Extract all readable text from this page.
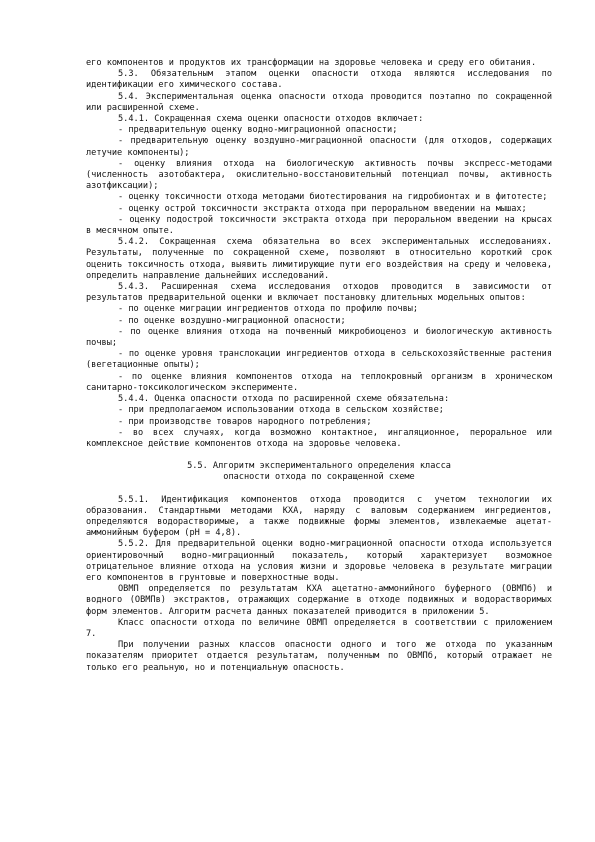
его компонентов и продуктов их трансформации на здоровье человека и среду его обитания.

5.3. Обязательным этапом оценки опасности отхода являются исследования по идентификации его химического состава.

5.4. Экспериментальная оценка опасности отхода проводится поэтапно по сокращенной или расширенной схеме.

5.4.1. Сокращенная схема оценки опасности отходов включает:

- предварительную оценку водно-миграционной опасности;

- предварительную оценку воздушно-миграционной опасности (для отходов, содержащих летучие компоненты);

- оценку влияния отхода на биологическую активность почвы экспресс-методами (численность азотобактера, окислительно-восстановительный потенциал почвы, активность азотфиксации);

- оценку токсичности отхода методами биотестирования на гидробионтах и в фитотесте;

- оценку острой токсичности экстракта отхода при пероральном введении на мышах;

- оценку подострой токсичности экстракта отхода при пероральном введении на крысах в месячном опыте.

5.4.2. Сокращенная схема обязательна во всех экспериментальных исследованиях. Результаты, полученные по сокращенной схеме, позволяют в относительно короткий срок оценить токсичность отхода, выявить лимитирующие пути его воздействия на среду и человека, определить направление дальнейших исследований.

5.4.3. Расширенная схема исследования отходов проводится в зависимости от результатов предварительной оценки и включает постановку длительных модельных опытов:

- по оценке миграции ингредиентов отхода по профилю почвы;

- по оценке воздушно-миграционной опасности;

- по оценке влияния отхода на почвенный микробиоценоз и биологическую активность почвы;

- по оценке уровня транслокации ингредиентов отхода в сельскохозяйственные растения (вегетационные опыты);

- по оценке влияния компонентов отхода на теплокровный организм в хроническом санитарно-токсикологическом эксперименте.

5.4.4. Оценка опасности отхода по расширенной схеме обязательна:

- при предполагаемом использовании отхода в сельском хозяйстве;

- при производстве товаров народного потребления;

- во всех случаях, когда возможно контактное, ингаляционное, пероральное или комплексное действие компонентов отхода на здоровье человека.

5.5. Алгоритм экспериментального определения класса

опасности отхода по сокращенной схеме

5.5.1. Идентификация компонентов отхода проводится с учетом технологии их образования. Стандартными методами КХА, наряду с валовым содержанием ингредиентов, определяются водорастворимые, а также подвижные формы элементов, извлекаемые ацетат-аммонийным буфером (pH = 4,8).

5.5.2. Для предварительной оценки водно-миграционной опасности отхода используется ориентировочный водно-миграционный показатель, который характеризует возможное отрицательное влияние отхода на условия жизни и здоровье человека в результате миграции его компонентов в грунтовые и поверхностные воды.

ОВМП определяется по результатам КХА ацетатно-аммонийного буферного (ОВМПб) и водного (ОВМПв) экстрактов, отражающих содержание в отходе подвижных и водорастворимых форм элементов. Алгоритм расчета данных показателей приводится в приложении 5.

Класс опасности отхода по величине ОВМП определяется в соответствии с приложением 7.

При получении разных классов опасности одного и того же отхода по указанным показателям приоритет отдается результатам, полученным по ОВМПб, который отражает не только его реальную, но и потенциальную опасность.
